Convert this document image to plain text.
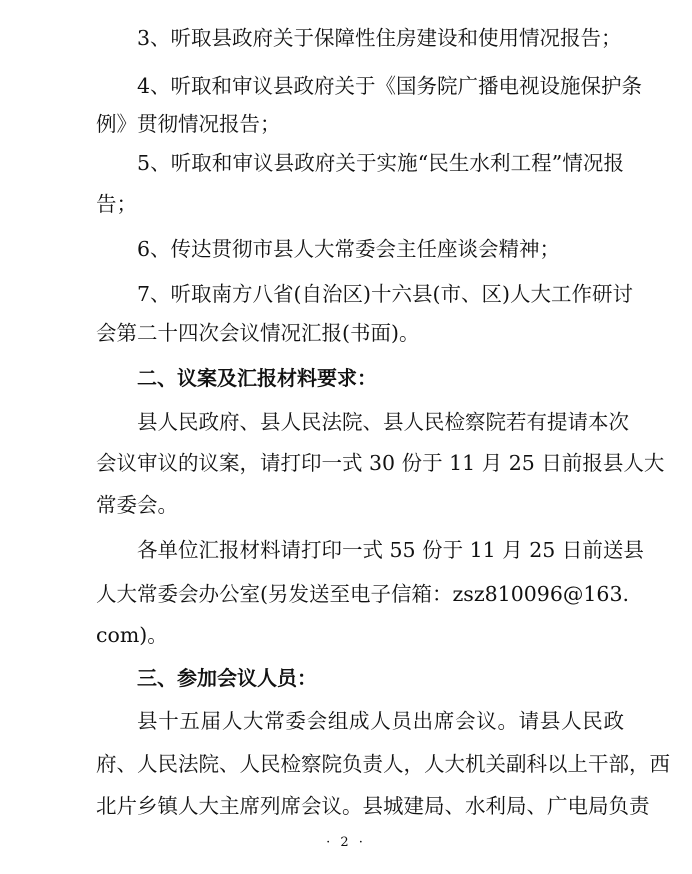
3、听取县政府关于保障性住房建设和使用情况报告；
4、听取和审议县政府关于《国务院广播电视设施保护条
例》贯彻情况报告；
5、听取和审议县政府关于实施“民生水利工程”情况报
告；
6、传达贯彻市县人大常委会主任座谈会精神；
7、听取南方八省(自治区)十六县(市、区)人大工作研讨
会第二十四次会议情况汇报(书面)。
二、议案及汇报材料要求：
县人民政府、县人民法院、县人民检察院若有提请本次
会议审议的议案，请打印一式 30 份于 11 月 25 日前报县人大
常委会。
各单位汇报材料请打印一式 55 份于 11 月 25 日前送县
人大常委会办公室(另发送至电子信箱：zsz810096@163.
com)。
三、参加会议人员：
县十五届人大常委会组成人员出席会议。请县人民政
府、人民法院、人民检察院负责人，人大机关副科以上干部，西
北片乡镇人大主席列席会议。县城建局、水利局、广电局负责
· 2 ·
